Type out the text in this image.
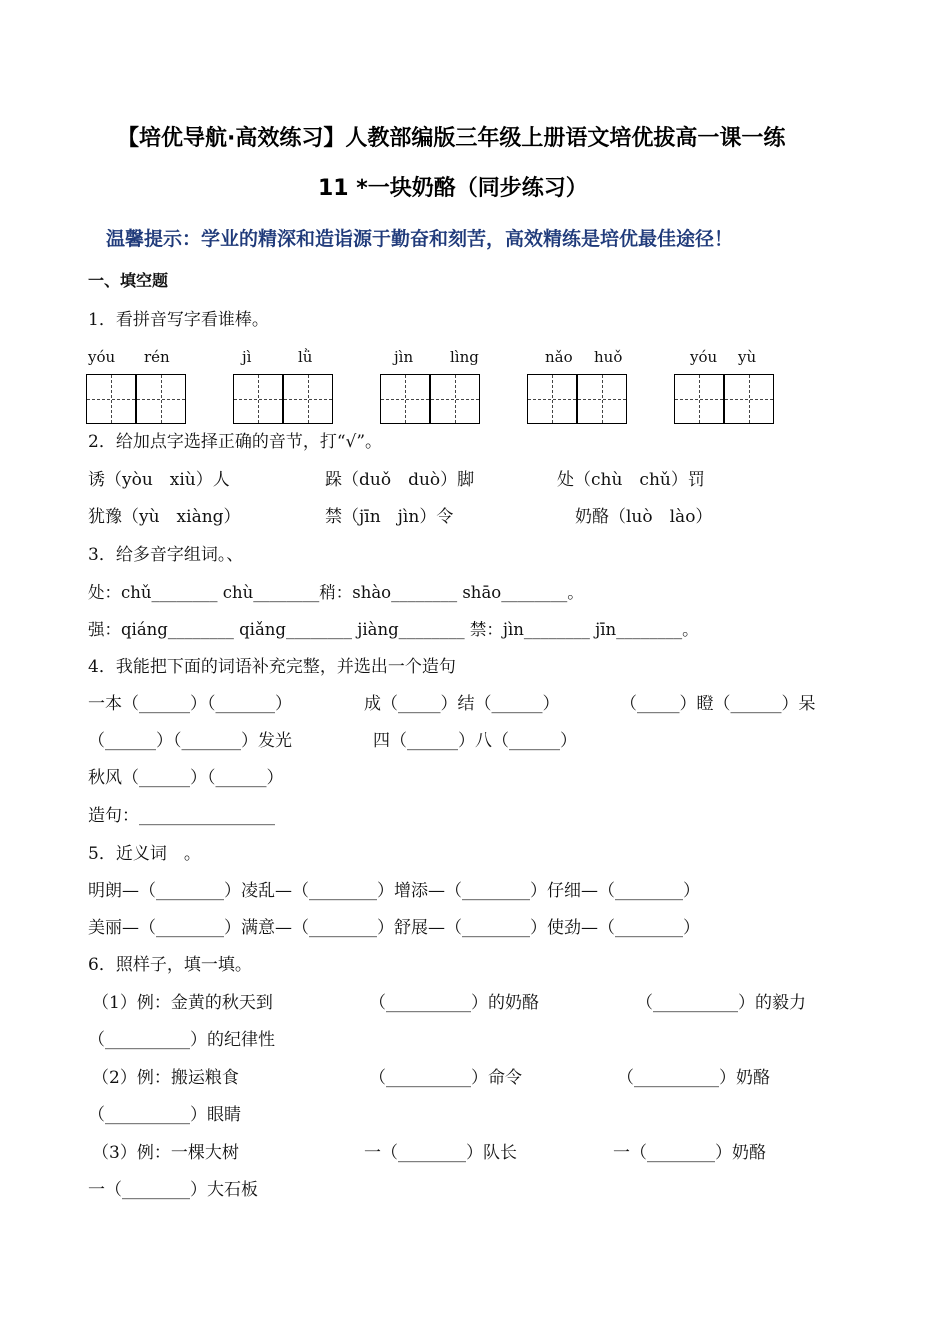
【培优导航·高效练习】人教部编版三年级上册语文培优拔高一课一练
11 *一块奶酪（同步练习）
温馨提示：学业的精深和造诣源于勤奋和刻苦，高效精练是培优最佳途径！
一、填空题
1．看拼音写字看谁棒。
yóu rén	jì	lǜ	jìn lìng	nǎo huǒ	yóu yù
2．给加点字选择正确的音节，打“√”。
诱（yòu　xiù）人	跺（duǒ　duò）脚	处（chù　chǔ）罚
犹豫（yù　xiàng）	禁（jīn　jìn）令	奶酪（luò　lào）
3．给多音字组词。、
处：chǔ________ chù________稍：shào________ shāo________。
强：qiáng________ qiǎng________ jiàng________ 禁：jìn________ jīn________。
4．我能把下面的词语补充完整，并选出一个造句
一本（______）（_______）	成（_____）结（______）	（_____）瞪（______）呆
（______）（_______）发光	四（______）八（______）
秋风（______）（______）
造句：________________
5．近义词　。
明朗—（________）凌乱—（________）增添—（________）仔细—（________）
美丽—（________）满意—（________）舒展—（________）使劲—（________）
6．照样子，填一填。
（1）例：金黄的秋天到	（__________）的奶酪	（__________）的毅力
（__________）的纪律性
（2）例：搬运粮食	（__________）命令	（__________）奶酪
（__________）眼睛
（3）例：一棵大树	一（________）队长	一（________）奶酪
一（________）大石板
